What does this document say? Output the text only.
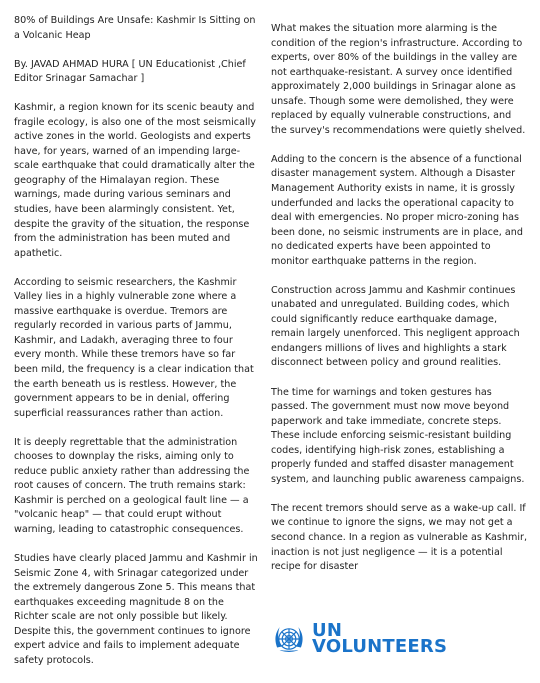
80% of Buildings Are Unsafe: Kashmir Is Sitting on a Volcanic Heap

By. JAVAD AHMAD HURA [ UN Educationist ,Chief Editor Srinagar Samachar ]

Kashmir, a region known for its scenic beauty and fragile ecology, is also one of the most seismically active zones in the world. Geologists and experts have, for years, warned of an impending large-scale earthquake that could dramatically alter the geography of the Himalayan region. These warnings, made during various seminars and studies, have been alarmingly consistent. Yet, despite the gravity of the situation, the response from the administration has been muted and apathetic.

According to seismic researchers, the Kashmir Valley lies in a highly vulnerable zone where a massive earthquake is overdue. Tremors are regularly recorded in various parts of Jammu, Kashmir, and Ladakh, averaging three to four every month. While these tremors have so far been mild, the frequency is a clear indication that the earth beneath us is restless. However, the government appears to be in denial, offering superficial reassurances rather than action.

It is deeply regrettable that the administration chooses to downplay the risks, aiming only to reduce public anxiety rather than addressing the root causes of concern. The truth remains stark: Kashmir is perched on a geological fault line — a "volcanic heap" — that could erupt without warning, leading to catastrophic consequences.

Studies have clearly placed Jammu and Kashmir in Seismic Zone 4, with Srinagar categorized under the extremely dangerous Zone 5. This means that earthquakes exceeding magnitude 8 on the Richter scale are not only possible but likely. Despite this, the government continues to ignore expert advice and fails to implement adequate safety protocols.

What makes the situation more alarming is the condition of the region's infrastructure. According to experts, over 80% of the buildings in the valley are not earthquake-resistant. A survey once identified approximately 2,000 buildings in Srinagar alone as unsafe. Though some were demolished, they were replaced by equally vulnerable constructions, and the survey's recommendations were quietly shelved.

Adding to the concern is the absence of a functional disaster management system. Although a Disaster Management Authority exists in name, it is grossly underfunded and lacks the operational capacity to deal with emergencies. No proper micro-zoning has been done, no seismic instruments are in place, and no dedicated experts have been appointed to monitor earthquake patterns in the region.

Construction across Jammu and Kashmir continues unabated and unregulated. Building codes, which could significantly reduce earthquake damage, remain largely unenforced. This negligent approach endangers millions of lives and highlights a stark disconnect between policy and ground realities.

The time for warnings and token gestures has passed. The government must now move beyond paperwork and take immediate, concrete steps. These include enforcing seismic-resistant building codes, identifying high-risk zones, establishing a properly funded and staffed disaster management system, and launching public awareness campaigns.

The recent tremors should serve as a wake-up call. If we continue to ignore the signs, we may not get a second chance. In a region as vulnerable as Kashmir, inaction is not just negligence — it is a potential recipe for disaster

UN
VOLUNTEERS
